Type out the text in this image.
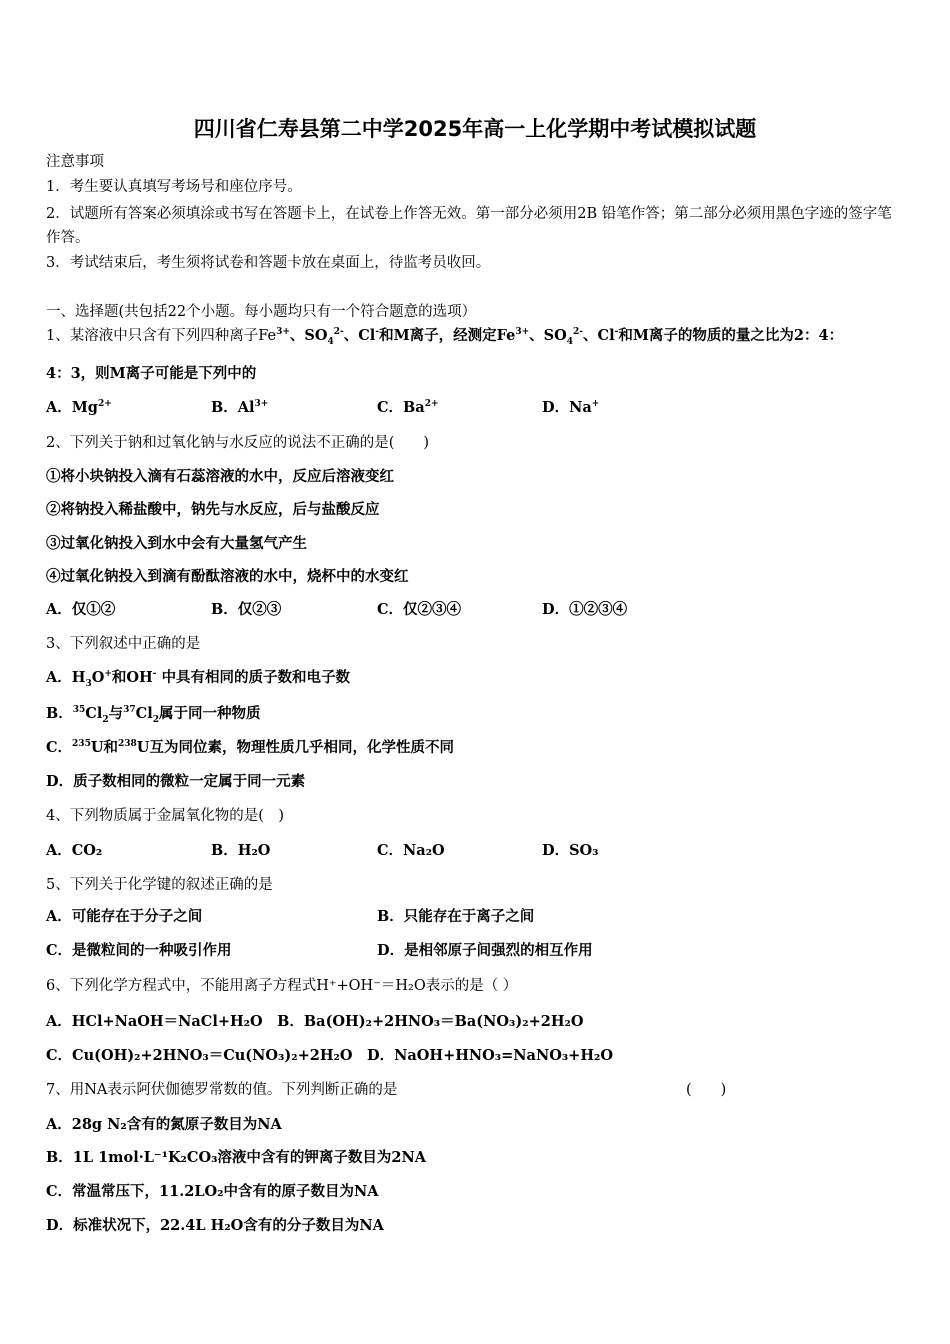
四川省仁寿县第二中学2025年高一上化学期中考试模拟试题
注意事项
1．考生要认真填写考场号和座位序号。
2．试题所有答案必须填涂或书写在答题卡上，在试卷上作答无效。第一部分必须用2B 铅笔作答；第二部分必须用黑色字迹的签字笔作答。
3．考试结束后，考生须将试卷和答题卡放在桌面上，待监考员收回。
一、选择题(共包括22个小题。每小题均只有一个符合题意的选项）
1、某溶液中只含有下列四种离子$Fe^{3+}$、$SO_4^{2-}$、Cl-和M离子，经测定$Fe^{3+}$、$SO_4^{2-}$、Cl-和M离子的物质的量之比为2：4：
4：3，则M离子可能是下列中的
A．$Mg^{2+}$	B．$Al^{3+}$	C．$Ba^{2+}$	D．Na+
2、下列关于钠和过氧化钠与水反应的说法不正确的是(　　)
①将小块钠投入滴有石蕊溶液的水中，反应后溶液变红
②将钠投入稀盐酸中，钠先与水反应，后与盐酸反应
③过氧化钠投入到水中会有大量氢气产生
④过氧化钠投入到滴有酚酞溶液的水中，烧杯中的水变红
A．仅①②	B．仅②③	C．仅②③④	D．①②③④
3、下列叙述中正确的是
A．$H_3O^+$和OH- 中具有相同的质子数和电子数
B．$^{35}Cl_2$与$^{37}Cl_2$属于同一种物质
C．$^{235}$U和$^{238}$U互为同位素，物理性质几乎相同，化学性质不同
D．质子数相同的微粒一定属于同一元素
4、下列物质属于金属氧化物的是(　)
A．CO₂	B．H₂O	C．Na₂O	D．SO₃
5、下列关于化学键的叙述正确的是
A．可能存在于分子之间	B．只能存在于离子之间
C．是微粒间的一种吸引作用	D．是相邻原子间强烈的相互作用
6、下列化学方程式中，不能用离子方程式H⁺+OH⁻＝H₂O表示的是（ ）
A．HCl+NaOH＝NaCl+H₂O　B．Ba(OH)₂+2HNO₃＝Ba(NO₃)₂+2H₂O
C．Cu(OH)₂+2HNO₃＝Cu(NO₃)₂+2H₂O　D．NaOH+HNO₃=NaNO₃+H₂O
7、用NA表示阿伏伽德罗常数的值。下列判断正确的是	(　　)
A．28g N₂含有的氮原子数目为NA
B．1L 1mol·L⁻¹K₂CO₃溶液中含有的钾离子数目为2NA
C．常温常压下，11.2LO₂中含有的原子数目为NA
D．标准状况下，22.4L H₂O含有的分子数目为NA
